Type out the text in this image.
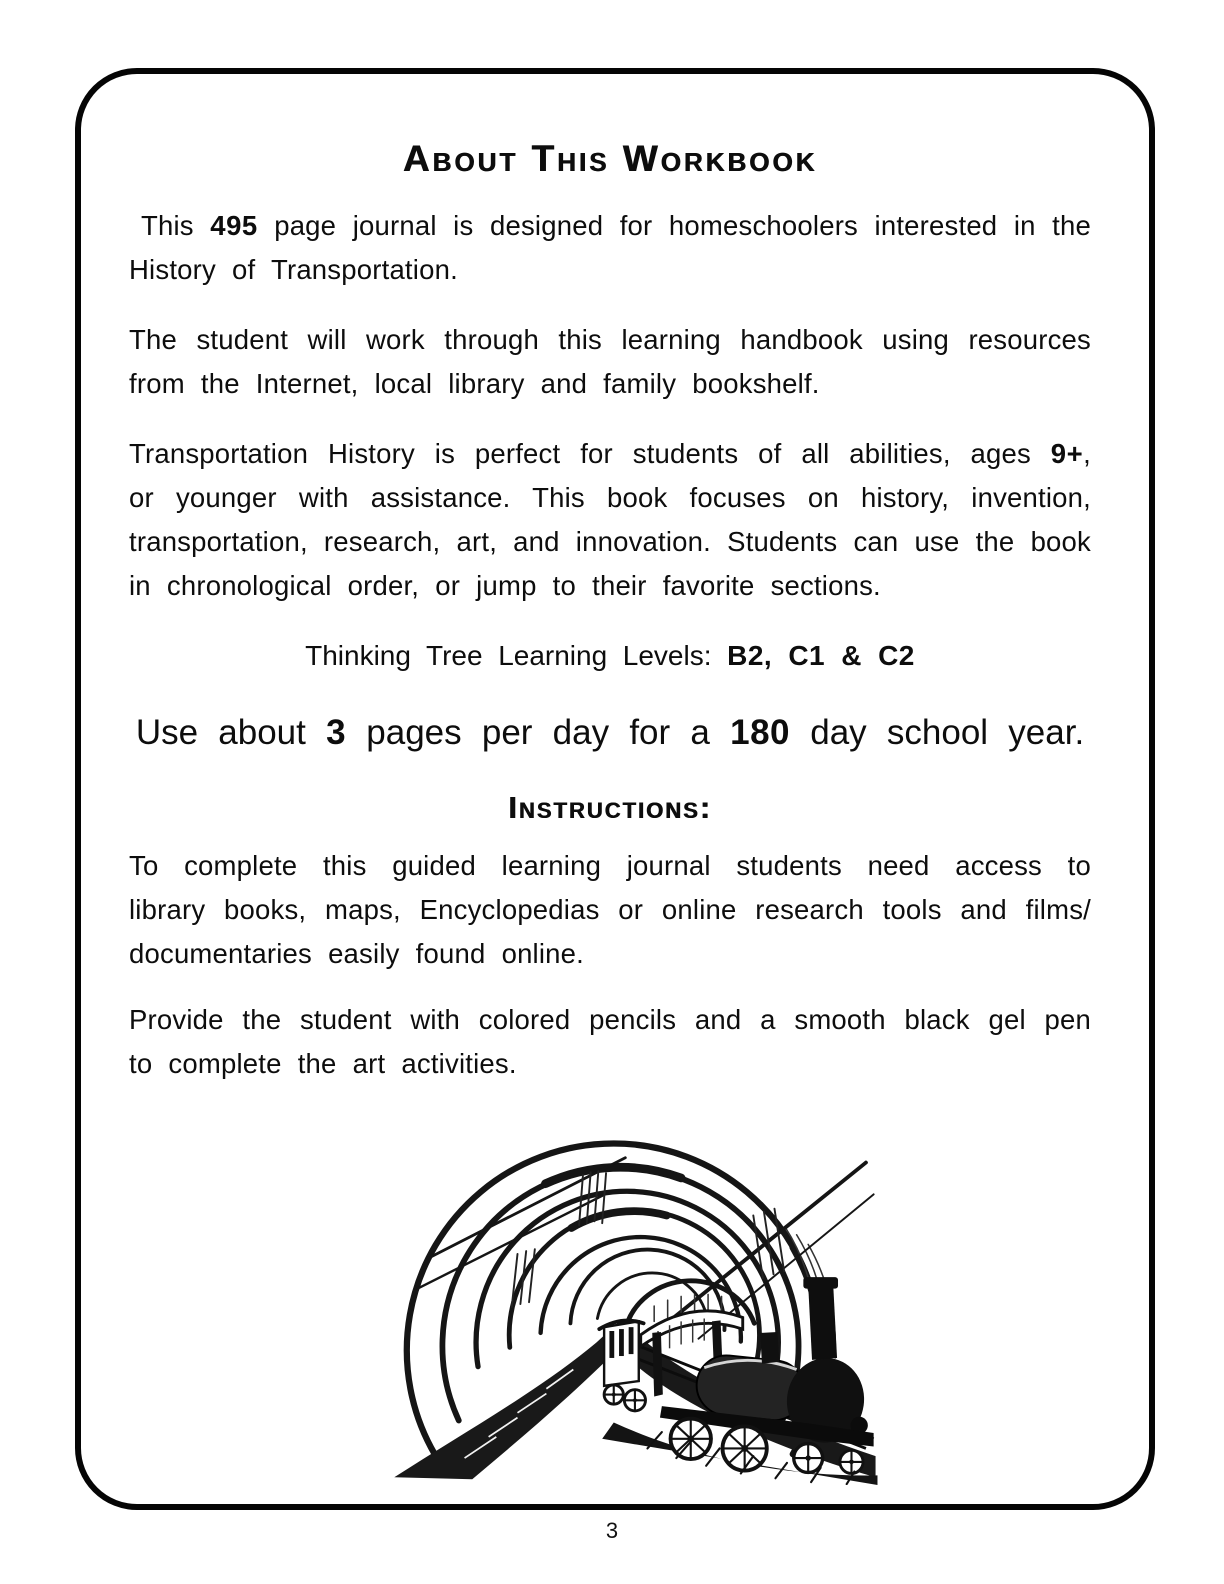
About This Workbook

This 495 page journal is designed for homeschoolers interested in the History of Transportation.

The student will work through this learning handbook using resources from the Internet, local library and family bookshelf.

Transportation History is perfect for students of all abilities, ages 9+, or younger with assistance. This book focuses on history, invention, transportation, research, art, and innovation. Students can use the book in chronological order, or jump to their favorite sections.

Thinking Tree Learning Levels: B2, C1 & C2
Use about 3 pages per day for a 180 day school year.
Instructions:

To complete this guided learning journal students need access to library books, maps, Encyclopedias or online research tools and films/ documentaries easily found online.

Provide the student with colored pencils and a smooth black gel pen to complete the art activities.

3
